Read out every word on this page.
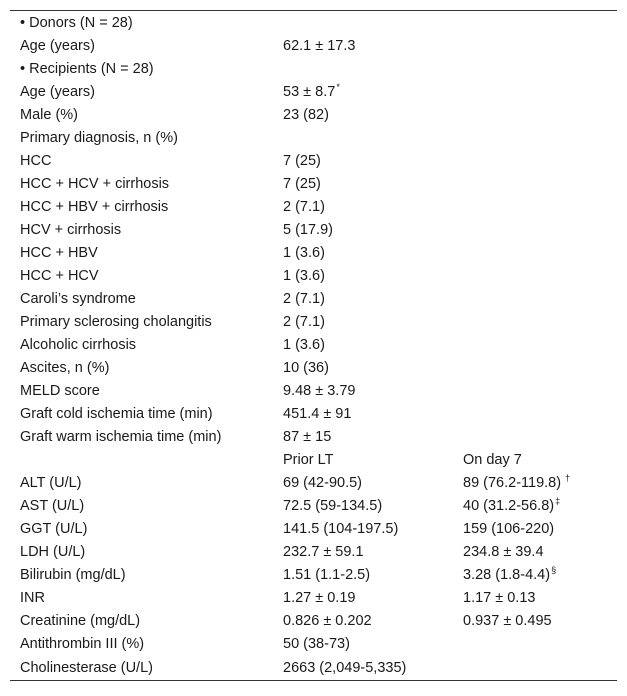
• Donors (N = 28)		
Age (years)	62.1 ± 17.3	
• Recipients (N = 28)		
Age (years)	53 ± 8.7*	
Male (%)	23 (82)	
Primary diagnosis, n (%)		
HCC	7 (25)	
HCC + HCV + cirrhosis	7 (25)	
HCC + HBV + cirrhosis	2 (7.1)	
HCV + cirrhosis	5 (17.9)	
HCC + HBV	1 (3.6)	
HCC + HCV	1 (3.6)	
Caroli’s syndrome	2 (7.1)	
Primary sclerosing cholangitis	2 (7.1)	
Alcoholic cirrhosis	1 (3.6)	
Ascites, n (%)	10 (36)	
MELD score	9.48 ± 3.79	
Graft cold ischemia time (min)	451.4 ± 91	
Graft warm ischemia time (min)	87 ± 15	
	Prior LT	On day 7
ALT (U/L)	69 (42-90.5)	89 (76.2-119.8) †
AST (U/L)	72.5 (59-134.5)	40 (31.2-56.8)‡
GGT (U/L)	141.5 (104-197.5)	159 (106-220)
LDH (U/L)	232.7 ± 59.1	234.8 ± 39.4
Bilirubin (mg/dL)	1.51 (1.1-2.5)	3.28 (1.8-4.4)§
INR	1.27 ± 0.19	1.17 ± 0.13
Creatinine (mg/dL)	0.826 ± 0.202	0.937 ± 0.495
Antithrombin III (%)	50 (38-73)	
Cholinesterase (U/L)	2663 (2,049-5,335)	
